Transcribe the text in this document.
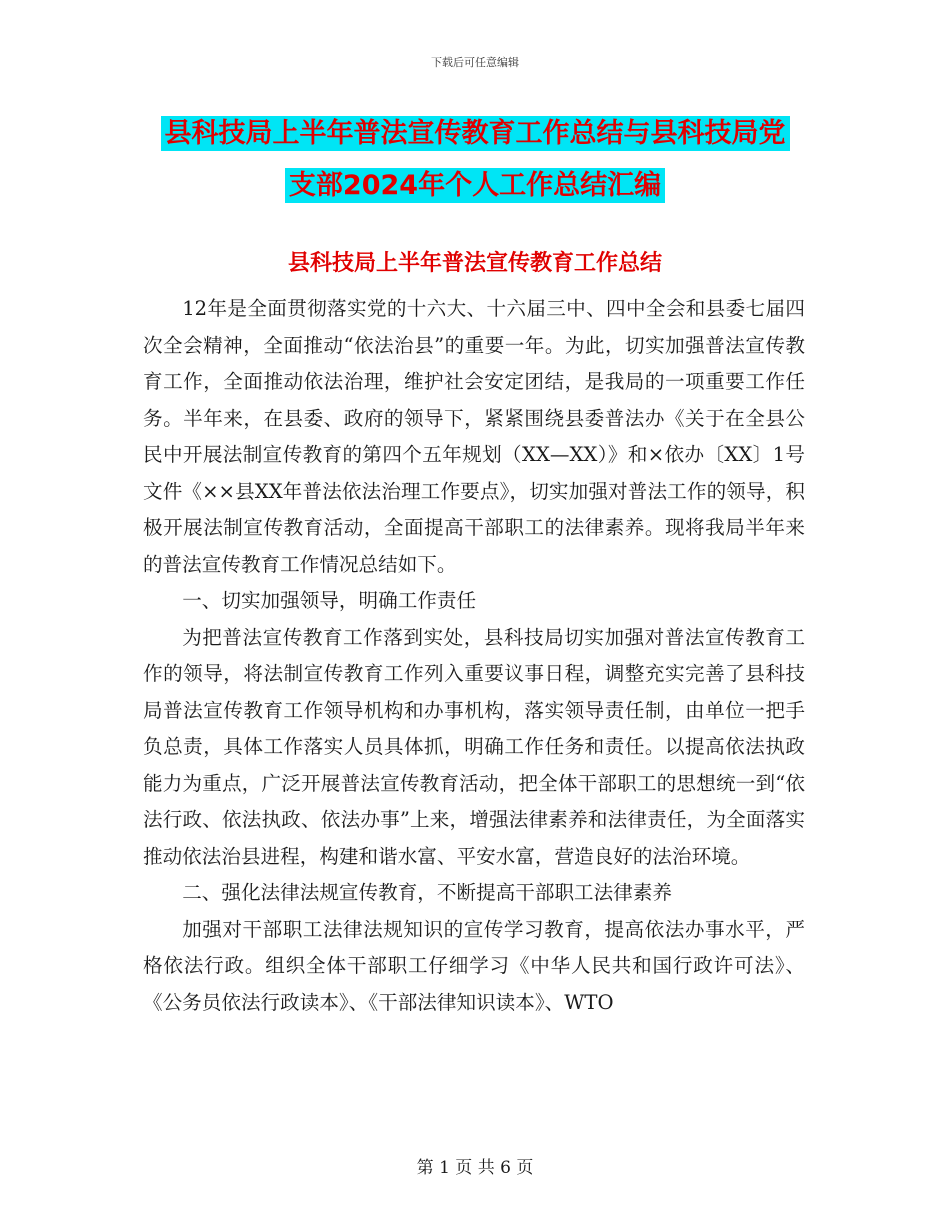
下载后可任意编辑
县科技局上半年普法宣传教育工作总结与县科技局党
支部2024年个人工作总结汇编
县科技局上半年普法宣传教育工作总结

12年是全面贯彻落实党的十六大、十六届三中、四中全会和县委七届四次全会精神，全面推动“依法治县”的重要一年。为此，切实加强普法宣传教育工作，全面推动依法治理，维护社会安定团结，是我局的一项重要工作任务。半年来，在县委、政府的领导下，紧紧围绕县委普法办《关于在全县公民中开展法制宣传教育的第四个五年规划（XX—XX）》和×依办〔XX〕1号文件《××县XX年普法依法治理工作要点》，切实加强对普法工作的领导，积极开展法制宣传教育活动，全面提高干部职工的法律素养。现将我局半年来的普法宣传教育工作情况总结如下。

一、切实加强领导，明确工作责任

为把普法宣传教育工作落到实处，县科技局切实加强对普法宣传教育工作的领导，将法制宣传教育工作列入重要议事日程，调整充实完善了县科技局普法宣传教育工作领导机构和办事机构，落实领导责任制，由单位一把手负总责，具体工作落实人员具体抓，明确工作任务和责任。以提高依法执政能力为重点，广泛开展普法宣传教育活动，把全体干部职工的思想统一到“依法行政、依法执政、依法办事”上来，增强法律素养和法律责任，为全面落实推动依法治县进程，构建和谐水富、平安水富，营造良好的法治环境。

二、强化法律法规宣传教育，不断提高干部职工法律素养

加强对干部职工法律法规知识的宣传学习教育，提高依法办事水平，严格依法行政。组织全体干部职工仔细学习《中华人民共和国行政许可法》、《公务员依法行政读本》、《干部法律知识读本》、WTO

第 1 页 共 6 页
